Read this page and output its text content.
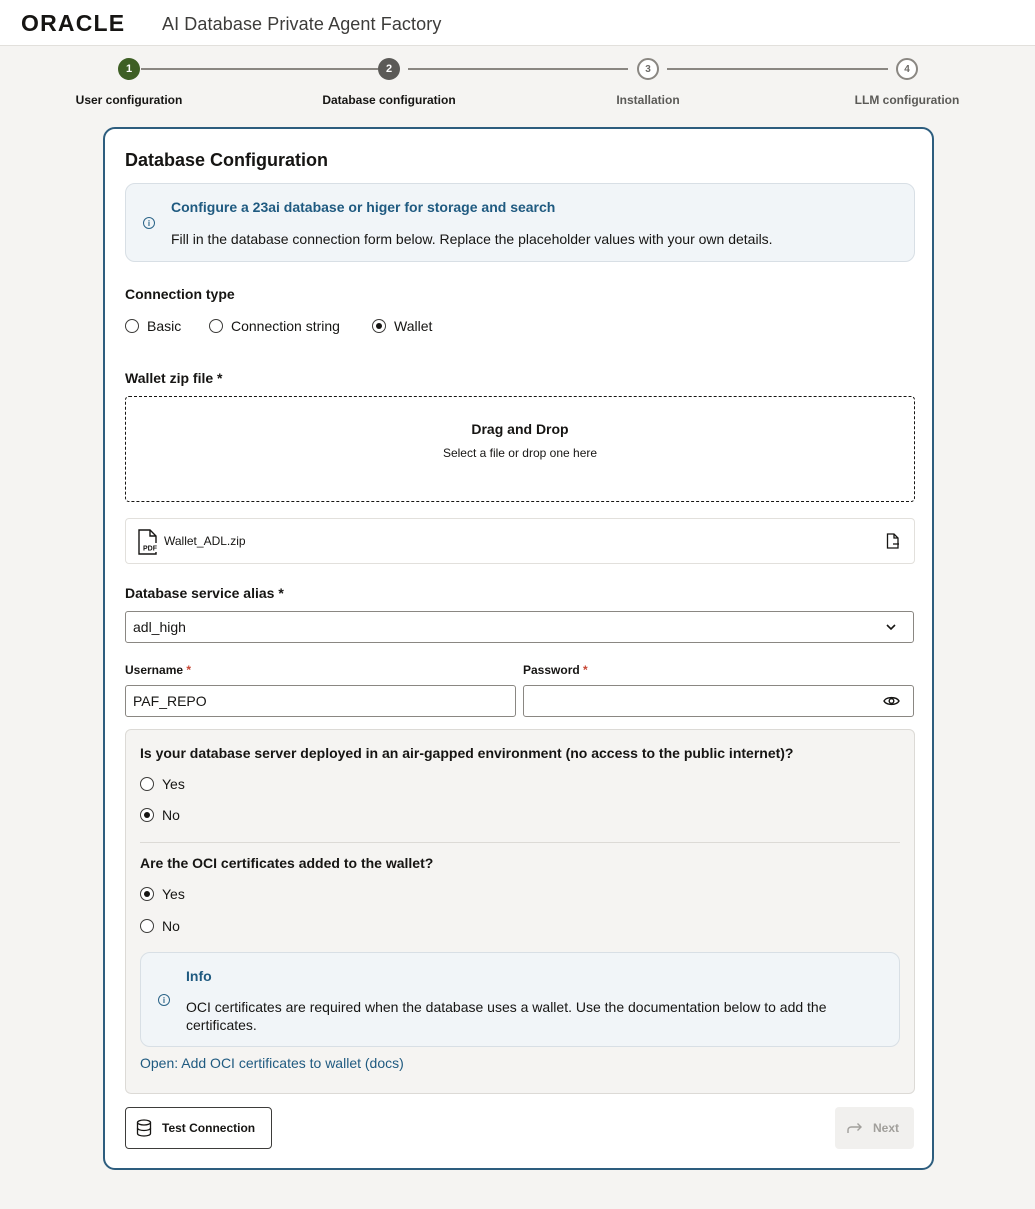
ORACLE AI Database Private Agent Factory
1	2	3	4
User configuration	Database configuration	Installation	LLM configuration
Database Configuration
i
Configure a 23ai database or higer for storage and search
Fill in the database connection form below. Replace the placeholder values with your own details.
Connection type
Basic	Connection string	Wallet
Wallet zip file *
Drag and Drop
Select a file or drop one here
PDF
Wallet_ADL.zip
Database service alias *
adl_high
Username *
PAF_REPO
Password *
Is your database server deployed in an air-gapped environment (no access to the public internet)?
Yes
No
Are the OCI certificates added to the wallet?
Yes
No
i
Info
OCI certificates are required when the database uses a wallet. Use the documentation below to add the certificates.
Open: Add OCI certificates to wallet (docs)
Test Connection	Next
